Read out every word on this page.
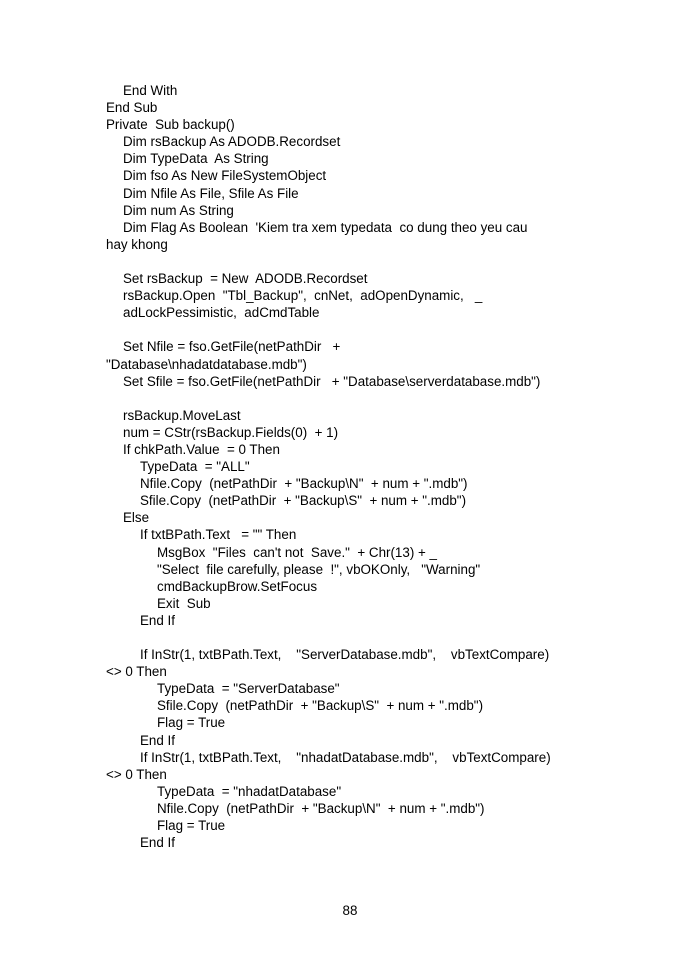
End With
End Sub
Private  Sub backup()
Dim rsBackup As ADODB.Recordset
Dim TypeData  As String
Dim fso As New FileSystemObject
Dim Nfile As File, Sfile As File
Dim num As String
Dim Flag As Boolean  'Kiem tra xem typedata  co dung theo yeu cau
hay khong
Set rsBackup  = New  ADODB.Recordset
rsBackup.Open  "Tbl_Backup",  cnNet,  adOpenDynamic,   _
adLockPessimistic,  adCmdTable
Set Nfile = fso.GetFile(netPathDir   +
"Database\nhadatdatabase.mdb")
Set Sfile = fso.GetFile(netPathDir   + "Database\serverdatabase.mdb")
rsBackup.MoveLast
num = CStr(rsBackup.Fields(0)  + 1)
If chkPath.Value  = 0 Then
TypeData  = "ALL"
Nfile.Copy  (netPathDir  + "Backup\N"  + num + ".mdb")
Sfile.Copy  (netPathDir  + "Backup\S"  + num + ".mdb")
Else
If txtBPath.Text   = "" Then
MsgBox  "Files  can't not  Save."  + Chr(13) + _
"Select  file carefully, please  !", vbOKOnly,   "Warning"
cmdBackupBrow.SetFocus
Exit  Sub
End If
If InStr(1, txtBPath.Text,    "ServerDatabase.mdb",    vbTextCompare)
<> 0 Then
TypeData  = "ServerDatabase"
Sfile.Copy  (netPathDir  + "Backup\S"  + num + ".mdb")
Flag = True
End If
If InStr(1, txtBPath.Text,    "nhadatDatabase.mdb",    vbTextCompare)
<> 0 Then
TypeData  = "nhadatDatabase"
Nfile.Copy  (netPathDir  + "Backup\N"  + num + ".mdb")
Flag = True
End If
88
